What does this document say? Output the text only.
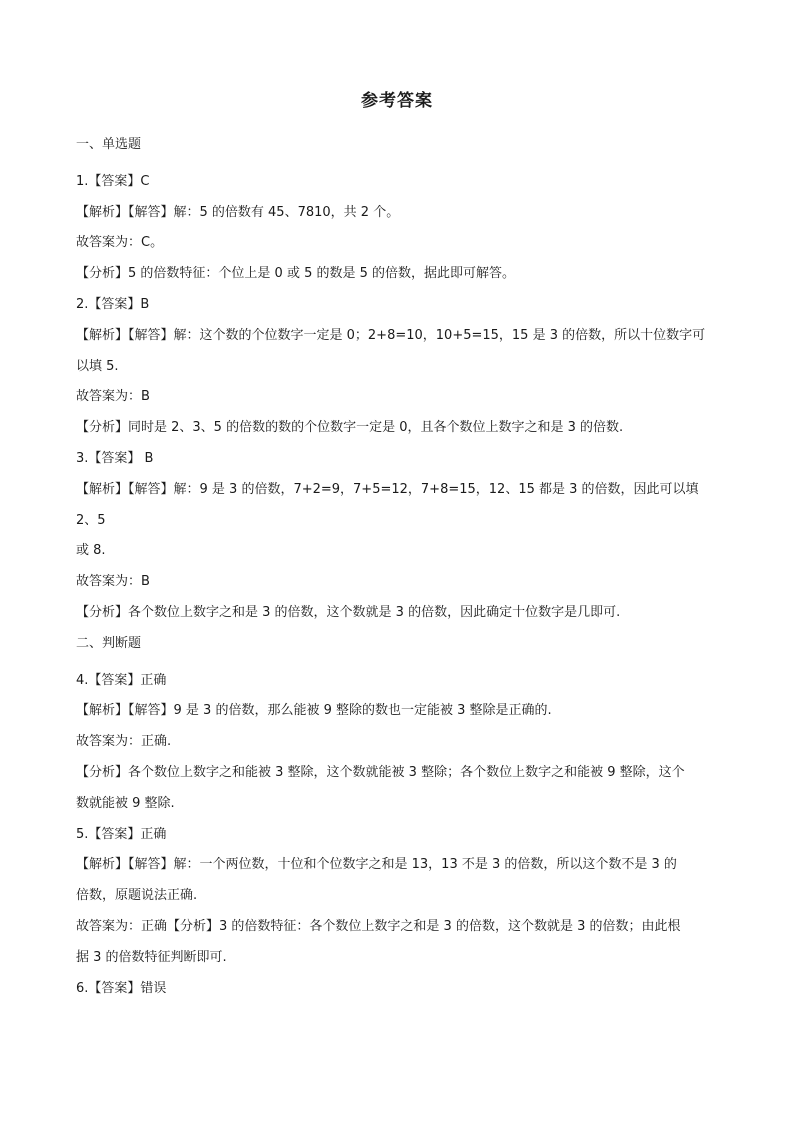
参考答案
一、单选题
1.【答案】C
【解析】【解答】解：5 的倍数有 45、7810，共 2 个。
故答案为：C。
【分析】5 的倍数特征：个位上是 0 或 5 的数是 5 的倍数，据此即可解答。
2.【答案】B
【解析】【解答】解：这个数的个位数字一定是 0；2+8=10，10+5=15，15 是 3 的倍数，所以十位数字可
以填 5.
故答案为：B
【分析】同时是 2、3、5 的倍数的数的个位数字一定是 0，且各个数位上数字之和是 3 的倍数.
3.【答案】 B
【解析】【解答】解：9 是 3 的倍数，7+2=9，7+5=12，7+8=15，12、15 都是 3 的倍数，因此可以填 2、5
或 8.
故答案为：B
【分析】各个数位上数字之和是 3 的倍数，这个数就是 3 的倍数，因此确定十位数字是几即可.
二、判断题
4.【答案】正确
【解析】【解答】9 是 3 的倍数，那么能被 9 整除的数也一定能被 3 整除是正确的.
故答案为：正确.
【分析】各个数位上数字之和能被 3 整除，这个数就能被 3 整除；各个数位上数字之和能被 9 整除，这个
数就能被 9 整除.
5.【答案】正确
【解析】【解答】解：一个两位数，十位和个位数字之和是 13，13 不是 3 的倍数，所以这个数不是 3 的
倍数，原题说法正确.
故答案为：正确【分析】3 的倍数特征：各个数位上数字之和是 3 的倍数，这个数就是 3 的倍数；由此根
据 3 的倍数特征判断即可.
6.【答案】错误
